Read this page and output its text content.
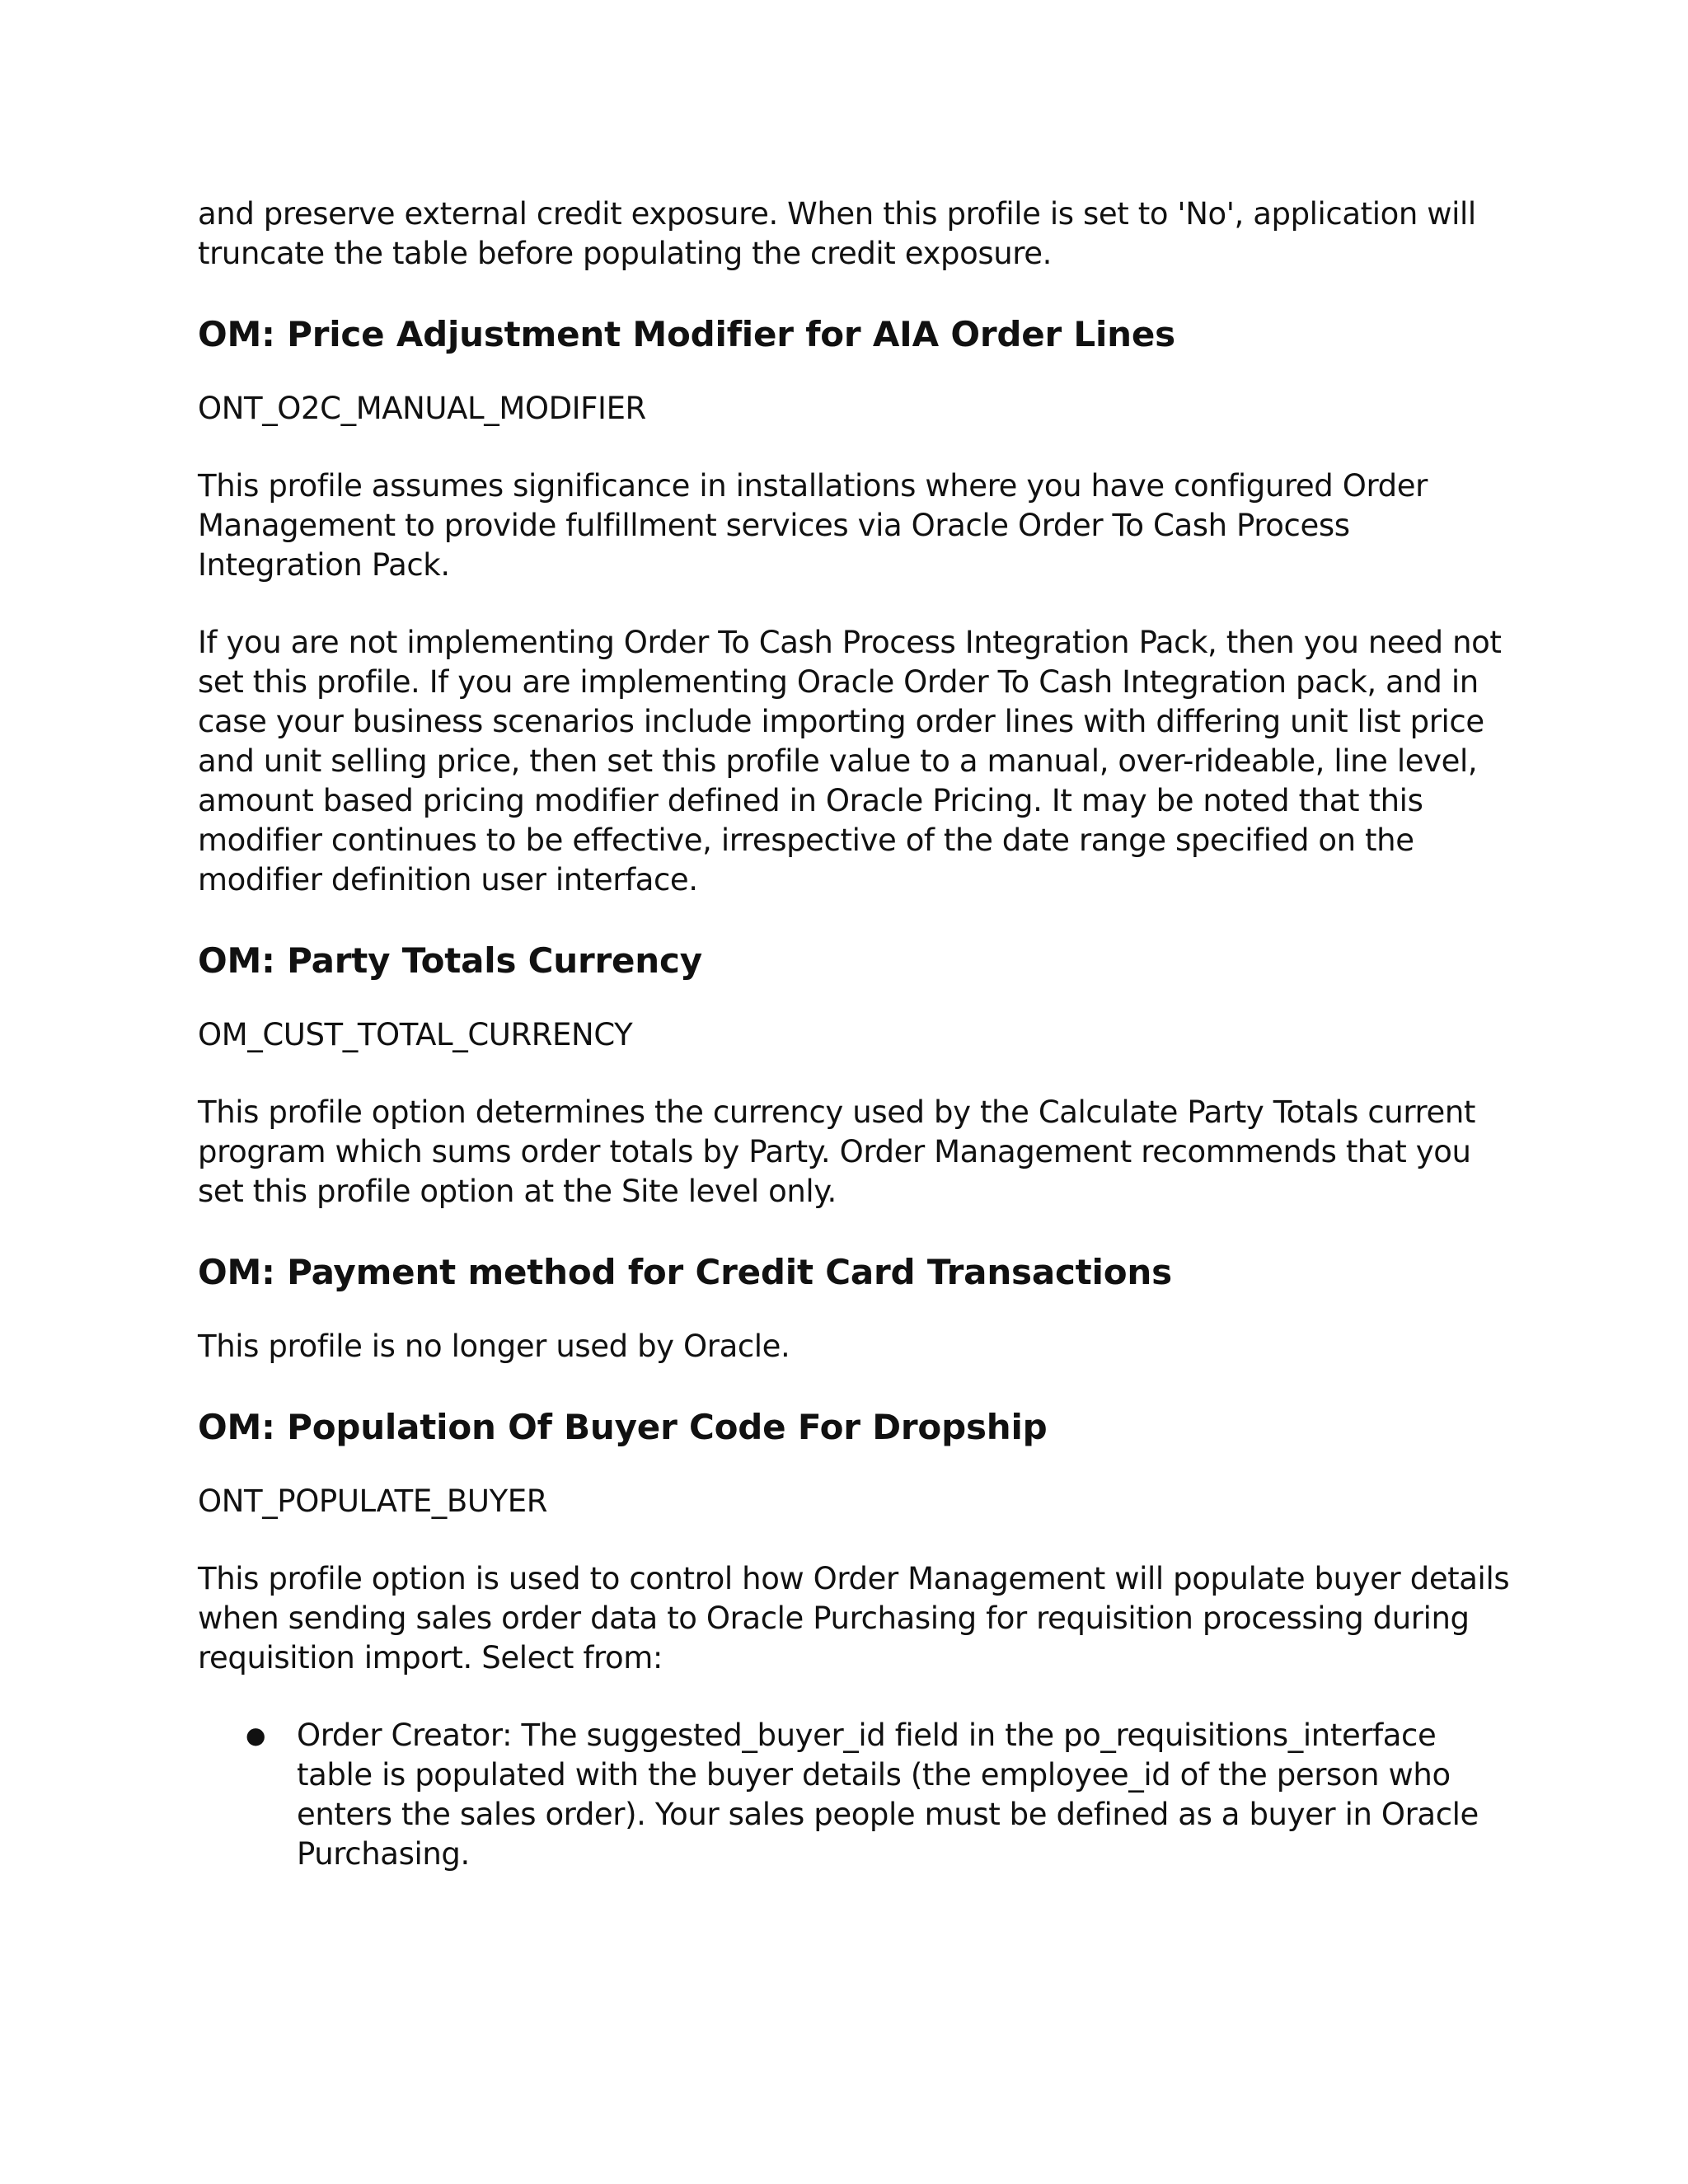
and preserve external credit exposure. When this profile is set to 'No', application will truncate the table before populating the credit exposure.

OM: Price Adjustment Modifier for AIA Order Lines

ONT_O2C_MANUAL_MODIFIER

This profile assumes significance in installations where you have configured Order Management to provide fulfillment services via Oracle Order To Cash Process Integration Pack.

If you are not implementing Order To Cash Process Integration Pack, then you need not set this profile. If you are implementing Oracle Order To Cash Integration pack, and in case your business scenarios include importing order lines with differing unit list price and unit selling price, then set this profile value to a manual, over-rideable, line level, amount based pricing modifier defined in Oracle Pricing. It may be noted that this modifier continues to be effective, irrespective of the date range specified on the modifier definition user interface.

OM: Party Totals Currency

OM_CUST_TOTAL_CURRENCY

This profile option determines the currency used by the Calculate Party Totals current program which sums order totals by Party. Order Management recommends that you set this profile option at the Site level only.

OM: Payment method for Credit Card Transactions

This profile is no longer used by Oracle.

OM: Population Of Buyer Code For Dropship

ONT_POPULATE_BUYER

This profile option is used to control how Order Management will populate buyer details when sending sales order data to Oracle Purchasing for requisition processing during requisition import. Select from:

● Order Creator: The suggested_buyer_id field in the po_requisitions_interface table is populated with the buyer details (the employee_id of the person who enters the sales order). Your sales people must be defined as a buyer in Oracle Purchasing.
